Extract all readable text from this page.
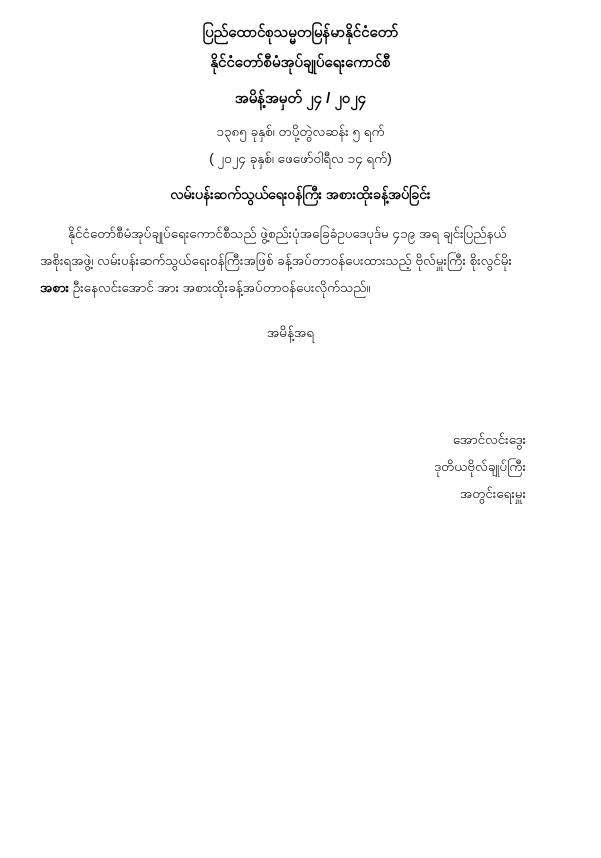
ပြည်ထောင်စုသမ္မတမြန်မာနိုင်ငံတော်
နိုင်ငံတော်စီမံအုပ်ချုပ်ရေးကောင်စီ
အမိန့်အမှတ် ၂၄ / ၂၀၂၄
၁၃၈၅ ခုနှစ်၊ တပို့တွဲလဆန်း ၅ ရက်
( ၂၀၂၄ ခုနှစ်၊ ဖေဖော်ဝါရီလ ၁၄ ရက်)
လမ်းပန်းဆက်သွယ်ရေးဝန်ကြီး အစားထိုးခန့်အပ်ခြင်း

နိုင်ငံတော်စီမံအုပ်ချုပ်ရေးကောင်စီသည် ဖွဲ့စည်းပုံအခြေခံဥပဒေပုဒ်မ ၄၁၉ အရ ချင်းပြည်နယ်

အစိုးရအဖွဲ့၊ လမ်းပန်းဆက်သွယ်ရေးဝန်ကြီးအဖြစ် ခန့်အပ်တာဝန်ပေးထားသည့် ဗိုလ်မှူးကြီး စိုးလွင်မိုး

အစား ဦးနေလင်းအောင် အား အစားထိုးခန့်အပ်တာဝန်ပေးလိုက်သည်။

အမိန့်အရ
အောင်လင်းဒွေး
ဒုတိယဗိုလ်ချုပ်ကြီး
အတွင်းရေးမှူး
